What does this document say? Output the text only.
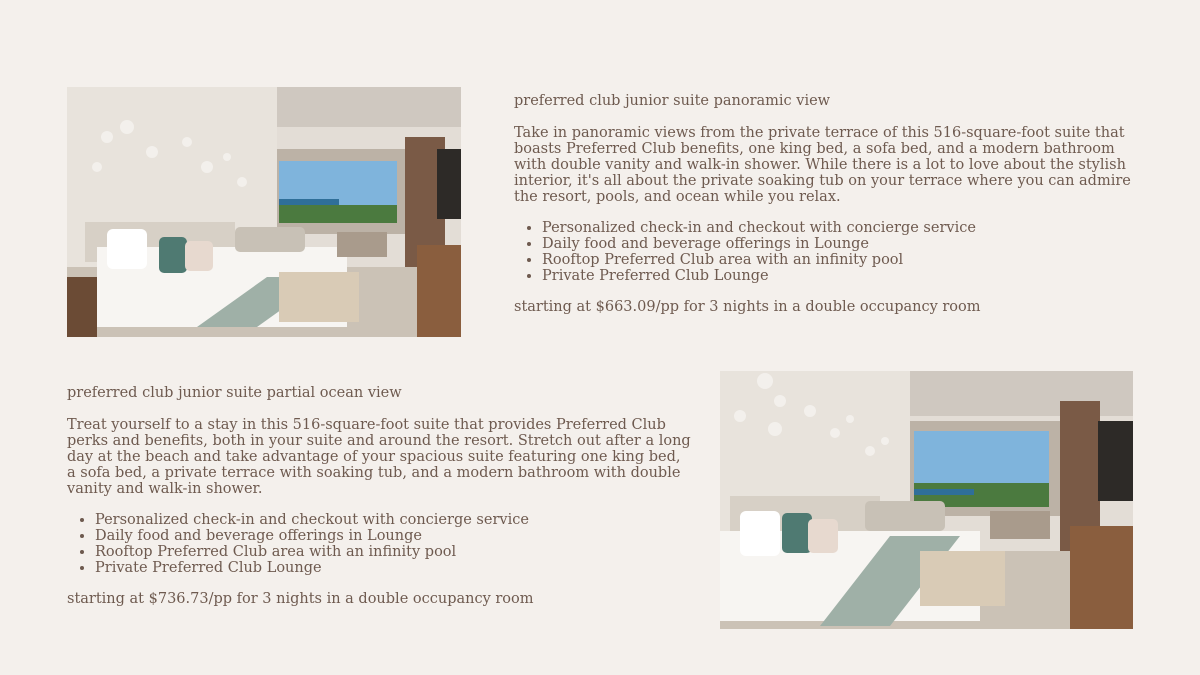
preferred club junior suite panoramic view

Take in panoramic views from the private terrace of this 516-square-foot suite that boasts Preferred Club benefits, one king bed, a sofa bed, and a modern bathroom with double vanity and walk-in shower. While there is a lot to love about the stylish interior, it's all about the private soaking tub on your terrace where you can admire the resort, pools, and ocean while you relax.

• Personalized check-in and checkout with concierge service
• Daily food and beverage offerings in Lounge
• Rooftop Preferred Club area with an infinity pool
• Private Preferred Club Lounge

starting at $663.09/pp for 3 nights in a double occupancy room

preferred club junior suite partial ocean view

Treat yourself to a stay in this 516-square-foot suite that provides Preferred Club perks and benefits, both in your suite and around the resort. Stretch out after a long day at the beach and take advantage of your spacious suite featuring one king bed, a sofa bed, a private terrace with soaking tub, and a modern bathroom with double vanity and walk-in shower.

• Personalized check-in and checkout with concierge service
• Daily food and beverage offerings in Lounge
• Rooftop Preferred Club area with an infinity pool
• Private Preferred Club Lounge

starting at $736.73/pp for 3 nights in a double occupancy room
